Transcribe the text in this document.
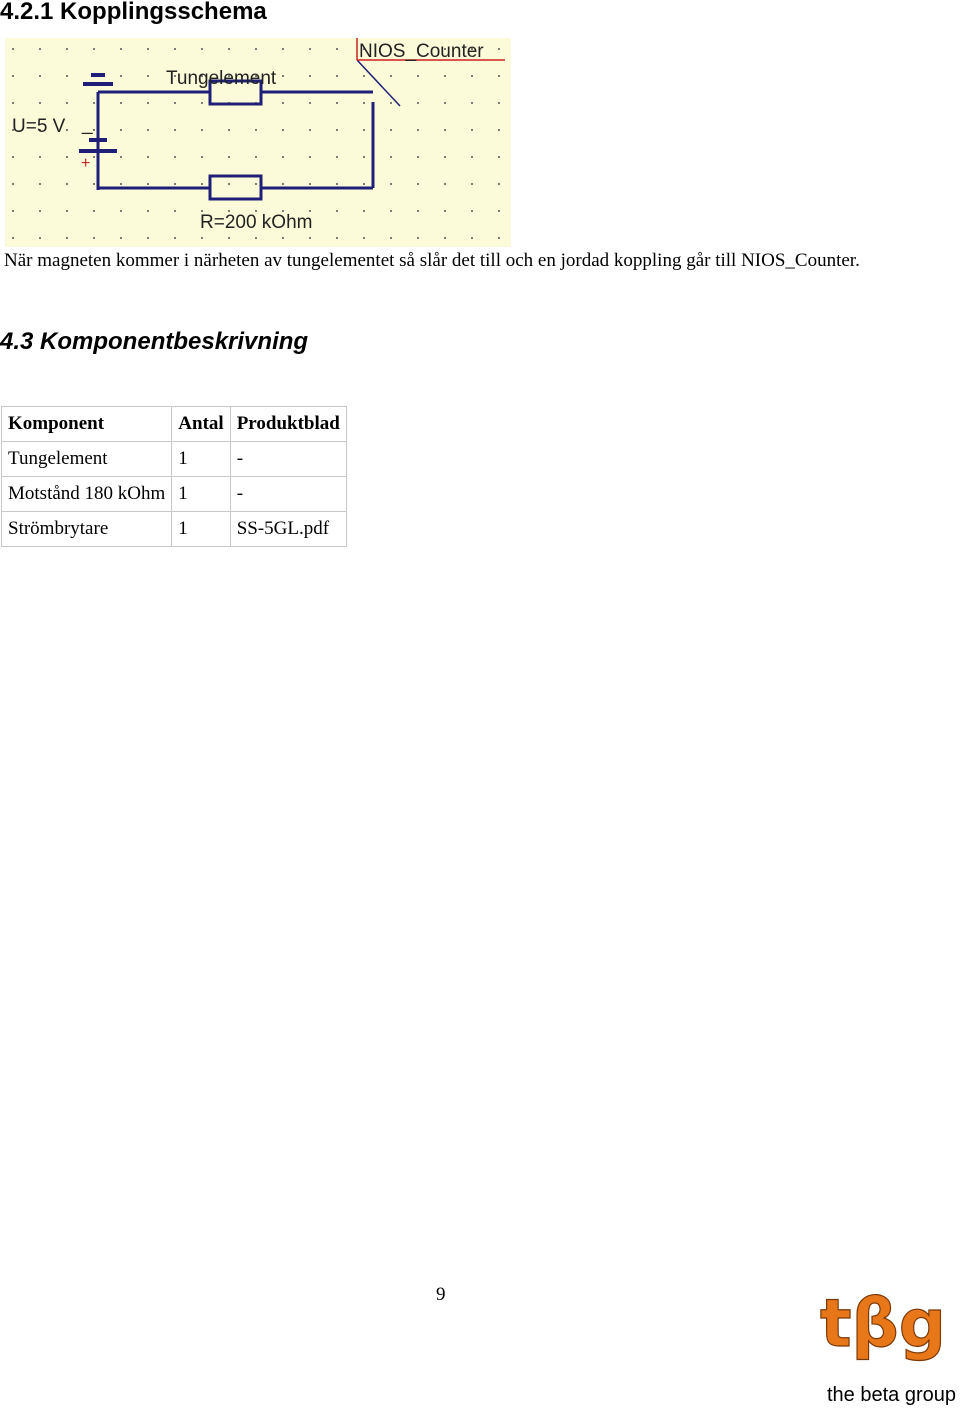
4.2.1 Kopplingsschema
U=5 V
Tungelement
R=200 kOhm
NIOS_Counter
_
+

När magneten kommer i närheten av tungelementet så slår det till och en jordad koppling går till NIOS_Counter.

4.3 Komponentbeskrivning
Komponent	Antal	Produktblad
Tungelement	1	-
Motstånd 180 kOhm	1	-
Strömbrytare	1	SS-5GL.pdf
9	tβg
the beta group
